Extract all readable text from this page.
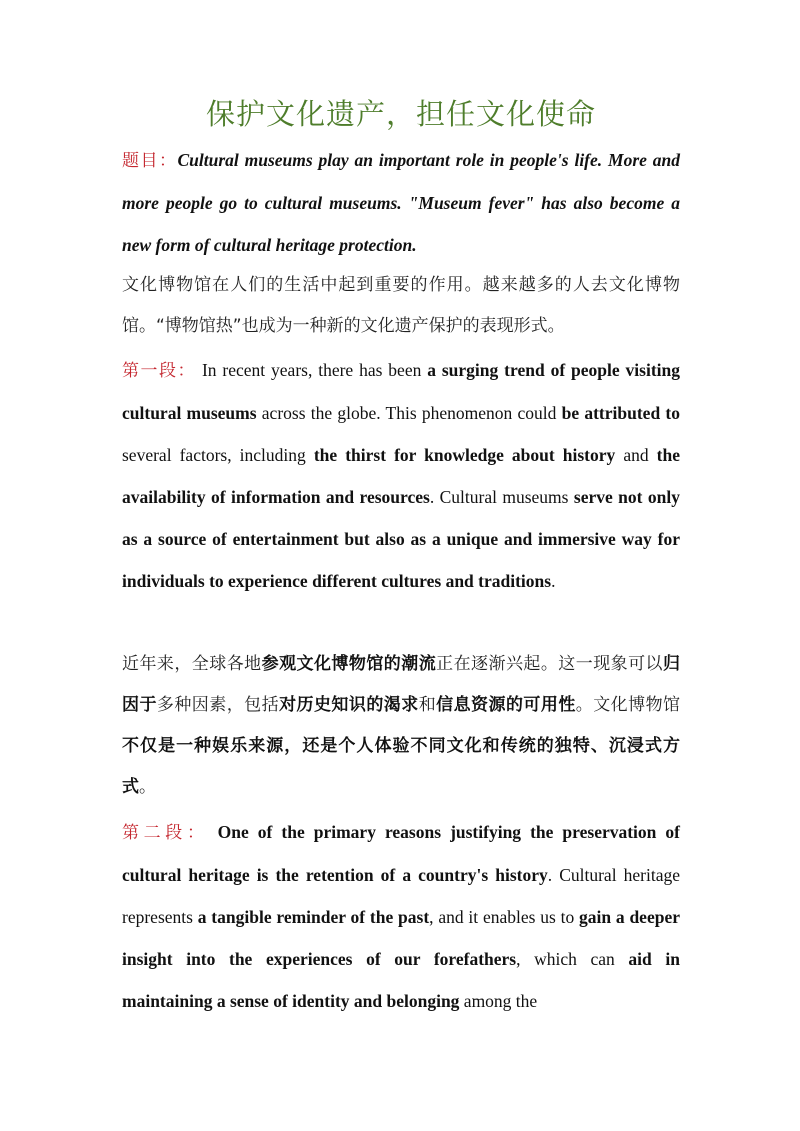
保护文化遗产，担任文化使命
题目：Cultural museums play an important role in people's life. More and more people go to cultural museums. "Museum fever" has also become a new form of cultural heritage protection.
文化博物馆在人们的生活中起到重要的作用。越来越多的人去文化博物馆。“博物馆热”也成为一种新的文化遗产保护的表现形式。
第一段： In recent years, there has been a surging trend of people visiting cultural museums across the globe. This phenomenon could be attributed to several factors, including the thirst for knowledge about history and the availability of information and resources. Cultural museums serve not only as a source of entertainment but also as a unique and immersive way for individuals to experience different cultures and traditions.
近年来，全球各地参观文化博物馆的潮流正在逐渐兴起。这一现象可以归因于多种因素，包括对历史知识的渴求和信息资源的可用性。文化博物馆不仅是一种娱乐来源，还是个人体验不同文化和传统的独特、沉浸式方式。
第二段： One of the primary reasons justifying the preservation of cultural heritage is the retention of a country's history. Cultural heritage represents a tangible reminder of the past, and it enables us to gain a deeper insight into the experiences of our forefathers, which can aid in maintaining a sense of identity and belonging among the
